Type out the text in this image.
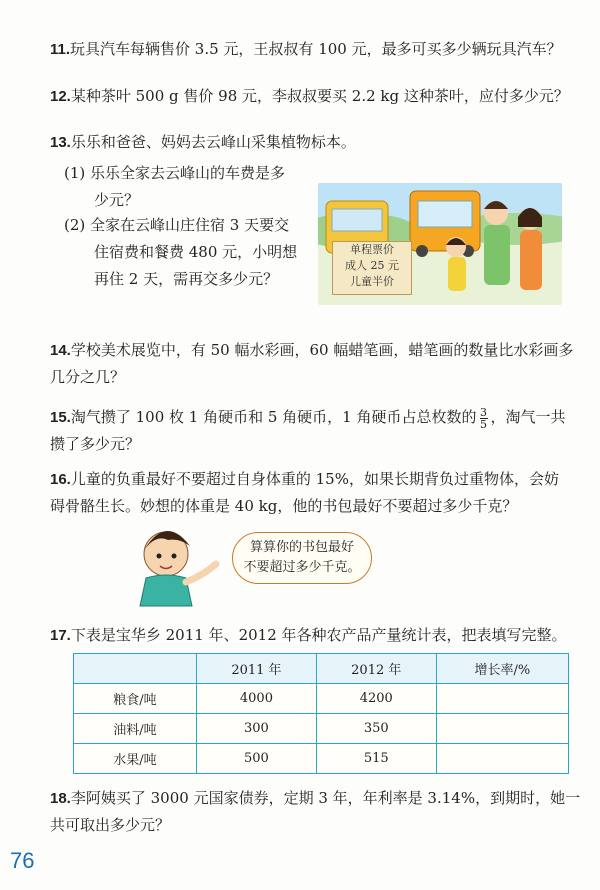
11.玩具汽车每辆售价 3.5 元，王叔叔有 100 元，最多可买多少辆玩具汽车？
12.某种茶叶 500 g 售价 98 元，李叔叔要买 2.2 kg 这种茶叶，应付多少元？
13.乐乐和爸爸、妈妈去云峰山采集植物标本。
(1) 乐乐全家去云峰山的车费是多
少元？
(2) 全家在云峰山庄住宿 3 天要交
住宿费和餐费 480 元，小明想
再住 2 天，需再交多少元？
单程票价
成人 25 元
儿童半价
14.学校美术展览中，有 50 幅水彩画，60 幅蜡笔画，蜡笔画的数量比水彩画多
几分之几？
15.淘气攒了 100 枚 1 角硬币和 5 角硬币，1 角硬币占总枚数的 $\frac{3}{5}$ ，淘气一共
攒了多少元？
16.儿童的负重最好不要超过自身体重的 15%，如果长期背负过重物体，会妨
碍骨骼生长。妙想的体重是 40 kg，他的书包最好不要超过多少千克？
算算你的书包最好
不要超过多少千克。
17.下表是宝华乡 2011 年、2012 年各种农产品产量统计表，把表填写完整。
	2011 年	2012 年	增长率/%
粮食/吨	4000	4200	
油料/吨	300	350	
水果/吨	500	515	
18.李阿姨买了 3000 元国家债券，定期 3 年，年利率是 3.14%，到期时，她一
共可取出多少元？
76
